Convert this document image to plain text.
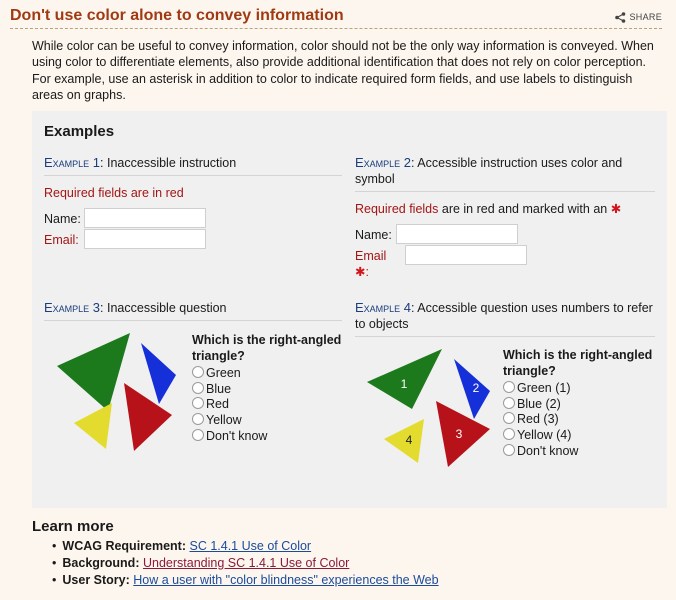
Don't use color alone to convey information	SHARE
While color can be useful to convey information, color should not be the only way information is conveyed. When using color to differentiate elements, also provide additional identification that does not rely on color perception. For example, use an asterisk in addition to color to indicate required form fields, and use labels to distinguish areas on graphs.
Examples
Example 1: Inaccessible instruction
Required fields are in red
Name:
Email:
Example 2: Accessible instruction uses color and symbol
Required fields are in red and marked with an ✱
Name:
Email ✱:
Example 3: Inaccessible question
Which is the right-angled triangle?
Green
Blue
Red
Yellow
Don't know
Example 4: Accessible question uses numbers to refer to objects
1	2
3
4
Which is the right-angled triangle?
Green (1)
Blue (2)
Red (3)
Yellow (4)
Don't know
Learn more
• WCAG Requirement: SC 1.4.1 Use of Color
• Background: Understanding SC 1.4.1 Use of Color
• User Story: How a user with "color blindness" experiences the Web
